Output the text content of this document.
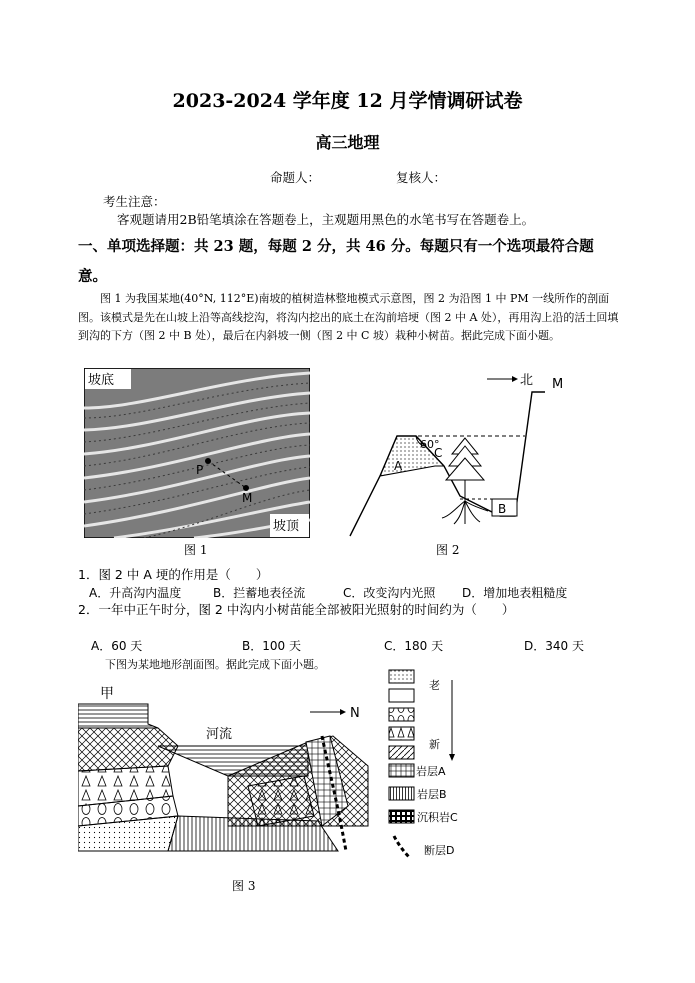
2023-2024 学年度 12 月学情调研试卷
高三地理
命题人：	复核人：
考生注意：
客观题请用2B铅笔填涂在答题卷上，主观题用黑色的水笔书写在答题卷上。
一、单项选择题：共 23 题，每题 2 分，共 46 分。每题只有一个选项最符合题意。
图 1 为我国某地(40°N, 112°E)南坡的植树造林整地模式示意图，图 2 为沿图 1 中 PM 一线所作的剖面图。该模式是先在山坡上沿等高线挖沟，将沟内挖出的底土在沟前培埂（图 2 中 A 处），再用沟上沿的活土回填到沟的下方（图 2 中 B 处），最后在内斜坡一侧（图 2 中 C 坡）栽种小树苗。据此完成下面小题。
坡底
坡顶
P
M
图 1
北 M
A
B
C
60°
图 2
1．图 2 中 A 埂的作用是（　　）
A．升高沟内温度	B．拦蓄地表径流	C．改变沟内光照 D．增加地表粗糙度
2．一年中正午时分，图 2 中沟内小树苗能全部被阳光照射的时间约为（　　）
A．60 天	B．100 天	C．180 天	D．340 天
下图为某地地形剖面图。据此完成下面小题。
甲
N
河流
图 3
老
新
岩层A
岩层B
沉积岩C
断层D
